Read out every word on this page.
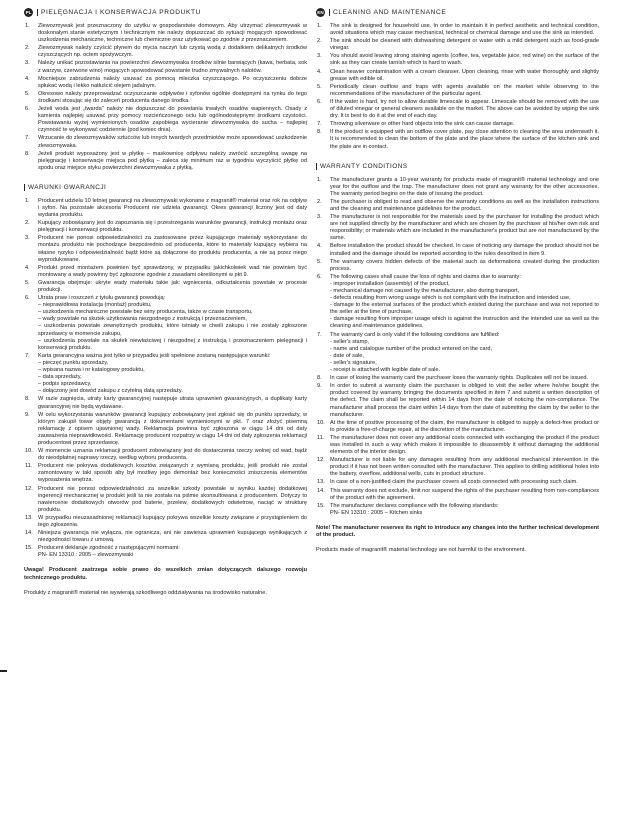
PL PIELĘGNACJA I KONSERWACJA PRODUKTU
1. Zlewozmywak jest przeznaczony do użytku w gospodarstwie domowym. Aby utrzymać zlewozmywak w doskonałym stanie estetycznym i technicznym nie należy dopuszczać do sytuacji mogących spowodować uszkodzenia mechaniczne, techniczne lub chemiczne oraz użytkować go zgodnie z przeznaczeniem.
2. Zlewozmywak należy czyścić płynem do mycia naczyń lub czystą wodą z dodatkiem delikatnych środków czyszczących np. octem spożywczym.
3. Należy unikać pozostawiania na powierzchni zlewozmywaka środków silnie barwiących (kawa, herbata, sok z warzyw, czerwone wino) mogących spowodować powstanie trudno zmywalnych nalotów.
4. Mocniejsze zabrudzenia należy usuwać za pomocą mleczka czyszczącego. Po oczyszczeniu dobrze spłukać wodą i lekko natłuścić olejem jadalnym.
5. Okresowo należy przeprowadzać oczyszczanie odpływów i syfonów ogólnie dostępnymi na rynku do tego środkami stosując się do zaleceń producenta danego środka.
6. Jeżeli woda jest „twarda" należy nie dopuszczać do powstania trwałych osadów wapiennych. Osady z kamienia najlepiej usuwać przy pomocy rozcieńczonego octu lub ogólnodostępnymi środkami czystości. Powstawaniu wyżej wymienionych osadów zapobiega wycieranie zlewozmywaka do sucha – najlepiej czynność te wykonywać codziennie (pod koniec dnia).
7. Wrzucanie do zlewozmywaków sztućców lub innych twardych przedmiotów może spowodować uszkodzenie zlewozmywaka.
8. Jeżeli produkt wyposażony jest w płytkę – maskownicę odpływu należy zwrócić szczególną uwagę na pielęgnację i konserwacje miejsca pod płytką – zaleca się minimum raz w tygodniu wyczyścić płytkę od spodu oraz miejsce styku powierzchni zlewozmywaka z płytką.
WARUNKI GWARANCJI
1. Producent udziela 10 letniej gwarancji na zlewozmywaki wykonane z magranit® materiał oraz rok na odpływ i syfon. Na pozostałe akcesoria Producent nie udziela gwarancji. Okres gwarancji liczony jest od daty wydania produktu.
2. Kupujący zobowiązany jest do zapoznania się i przestrzegania warunków gwarancji, instrukcji montażu oraz pielęgnacji i konserwacji produktu.
3. Producent nie ponosi odpowiedzialności za zastosowane przez kupującego materiały wykorzystane do montażu produktu nie pochodzące bezpośrednio od producenta, które to materiały kupujący wybiera na własne ryzyko i odpowiedzialność bądź które są dołączone do produktu producenta, a nie są przez niego wyprodukowane.
4. Produkt przed montażem powinien być sprawdzony, w przypadku jakichkolwiek wad nie powinien być montowany a wady powinny być zgłoszone zgodnie z zasadami określonymi w pkt 9.
5. Gwarancja obejmuje: ukryte wady materiału takie jak: wgniecenia, odkształcenia powstałe w procesie produkcji.
6. Utrata praw i roszczeń z tytułu gwarancji powodują:
– nieprawidłowa instalacja (montaż) produktu,
– uszkodzenia mechaniczne powstałe bez winy producenta, także w czasie transportu,
– wady powstałe na skutek użytkowania niezgodnego z instrukcją i przeznaczeniem,
– uszkodzenia powstałe zewnętrznych produktu, które istniały w chwili zakupu i nie zostały zgłoszone sprzedawcy w momencie zakupu,
– uszkodzenia powstałe na skutek niewłaściwej i niezgodnej z instrukcją i przeznaczeniem pielęgnacji i konserwacji produktu.
7. Karta gwarancyjna ważna jest tylko w przypadku jeśli spełnione zostaną następujące warunki:
– pieczęć punktu sprzedaży,
– wpisana nazwa i nr katalogowy produktu,
– data sprzedaży,
– podpis sprzedawcy,
– dołączony jest dowód zakupu z czytelną datą sprzedaży.
8. W razie zagnięcia, utraty karty gwarancyjnej następuje utrata uprawnień gwarancyjnych, a duplikaty karty gwarancyjnej nie będą wydawane.
9. W celu wykorzystania warunków gwarancji kupujący zobowiązany jest zgłosić się do punktu sprzedaży, w którym zakupił towar objęty gwarancją z dokumentami wymienionymi w pkt. 7 oraz złożyć pisemną reklamację z opisem ujawnionej wady. Reklamacja powinna być zgłoszona w ciągu 14 dni od daty zauważenia nieprawidłowości. Reklamację producent rozpatrzy w ciągu 14 dni od daty zgłoszenia reklamacji producentowi przez sprzedawcę.
10. W momencie uznania reklamacji producent zobowiązany jest do dostarczenia rzeczy wolnej od wad, bądź do nieodpłatnej naprawy rzeczy, według wyboru producenta.
11. Producent nie pokrywa dodatkowych kosztów związanych z wymianą produktu, jeśli produkt nie został zamontowany w taki sposób aby był możliwy jego demontaż bez konieczności zniszczenia elementów wyposażenia wnętrza.
12. Producent nie ponosi odpowiedzialności za wszelkie szkody powstałe w wyniku każdej dodatkowej ingerencji mechanicznej w produkt jeśli ta nie została na piśmie skonsultowana z producentem. Dotyczy to nawiercenie dodatkowych otworów pod baterie, przelew, dodatkowych odwietrow, naciąć w strukturę produktu.
13. W przypadku nieuzasadnionej reklamacji kupujący pokrywa wszelkie koszty związane z przystąpieniem do tego zgłoszenia.
14. Niniejsza gwarancja nie wyłącza, nie ogranicza, ani nie zawiesza uprawnień kupującego wynikających z niezgodności towaru z umową.
15. Producent deklaruje zgodność z następującymi normami:
PN- EN 13310 : 2005 – zlewozmywaki
Uwaga! Producent zastrzega sobie prawo do wszelkich zmian dotyczących dalszego rozwoju technicznego produktu.
Produkty z magranit® materiał nie wywierają szkodliwego oddziaływania na środowisko naturalne.
EN CLEANING AND MAINTENANCE
1. The sink is designed for household use. In order to maintain it in perfect aesthetic and technical condition, avoid situations which may cause mechanical, technical or chemical damage and use the sink as intended.
2. The sink should be cleaned with dishwashing detergent or water with a mild detergent such as food-grade vinegar.
3. You should avoid leaving strong staining agents (coffee, tea, vegetable juice, red wine) on the surface of the sink as they can create tarnish which is hard to wash.
4. Clean heavier contamination with a cream cleanser. Upon cleaning, rinse with water thoroughly and slightly grease with edible oil.
5. Periodically clean outflow and traps with agents available on the market while observing to the recommendations of the manufacturer of the particular agent.
6. If the water is hard, try not to allow durable limescale to appear. Limescale should be removed with the use of diluted vinegar or general cleaners available on the market. The above can be avoided by wiping the sink dry. It is best to do it at the end of each day.
7. Throwing silverware or other hard objects into the sink can cause damage.
8. If the product is equipped with an outflow cover plate, pay close attention to cleaning the area underneath it. It is recommended to clean the bottom of the plate and the place where the surface of the kitchen sink and the plate are in contact.
WARRANTY CONDITIONS
1. The manufacturer grants a 10-year warranty for products made of magranit® material technology and one year for the outflow and the trap. The manufacturer does not grant any warranty for the other accessories. The warranty period begins on the date of issuing the product.
2. The purchaser is obliged to read and observe the warranty conditions as well as the installation instructions and the cleaning and maintenance guidelines for the product.
3. The manufacturer is not responsible for the materials used by the purchaser for installing the product which are not supplied directly by the manufacturer and which are chosen by the purchaser at his/her own risk and responsibility; or materials which are included in the manufacturer's product but are not manufactured by the same.
4. Before installation the product should be checked. In case of noticing any damage the product should not be installed and the damage should be reported according to the rules described in item 9.
5. The warranty covers hidden defects of the material such as deformations created during the production process.
6. The following cases shall cause the loss of rights and claims due to warranty:
- improper installation (assembly) of the product,
- mechanical damage not caused by the manufacturer, also during transport,
- defects resulting from wrong usage which is not compliant with the instruction and intended use,
- damage to the external surfaces of the product which existed during the purchase and was not reported to the seller at the time of purchase,
- damage resulting from improper usage which is against the instruction and the intended use as well as the cleaning and maintenance guidelines.
7. The warranty card is only valid if the following conditions are fulfilled:
- seller's stamp,
- name and catalogue number of the product entered on the card,
- date of sale,
- seller's signature,
- receipt is attached with legible date of sale.
8. In case of losing the warranty card the purchaser loses the warranty rights. Duplicates will not be issued.
9. In order to submit a warranty claim the purchaser is obliged to visit the seller where he/she bought the product covered by warranty bringing the documents specified in item 7 and submit a written description of the defect. The claim shall be reported within 14 days from the date of noticing the non-compliance. The manufacturer shall process the claim within 14 days from the date of submitting the claim by the seller to the manufacturer.
10. At the time of positive processing of the claim, the manufacturer is obliged to supply a defect-free product or to provide a free-of-charge repair, at the discretion of the manufacturer.
11. The manufacturer does not cover any additional costs connected with exchanging the product if the product was installed in such a way which makes it impossible to disassembly it without damaging the additional elements of the interior design.
12. Manufacturer is not liable for any damages resulting from any additional mechanical intervention in the product if it has not been written consulted with the manufacturer. This applies to drilling additional holes into the battery, overflow, additional wells, cuts in product structure.
13. In case of a non-justified claim the purchaser covers all costs connected with processing such claim.
14. This warranty does not exclude, limit nor suspend the rights of the purchaser resulting from non-compliances of the product with the agreement.
15. The manufacturer declares compliance with the following standards:
PN- EN 13310 : 2005 – Kitchen sinks
Note! The manufacturer reserves its right to introduce any changes into the further technical development of the product.
Products made of magranit® material technology are not harmful to the environment.
